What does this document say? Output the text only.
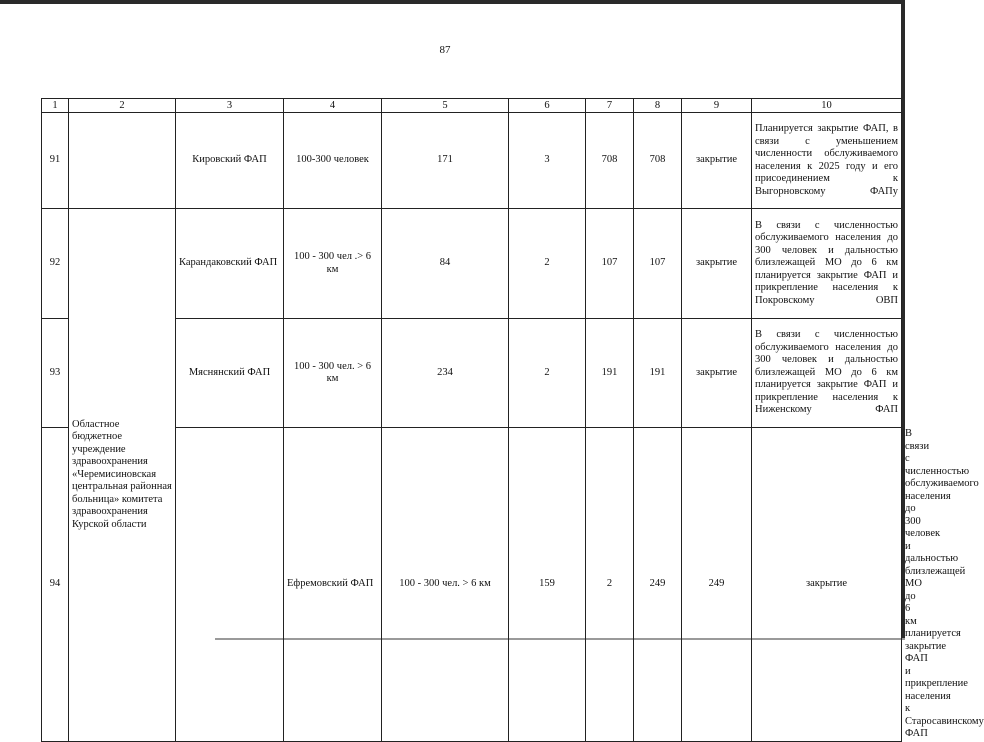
87
1	2	3	4	5	6	7	8	9	10	
91		Кировский ФАП	100-300 человек	171	3	708	708	закрытие	Планируется закрытие ФАП, в связи с уменьшением численности обслуживаемого населения к 2025 году и его присоединением к Выгорновскому ФАПу	
92	Областное бюджетное учреждение здравоохранения «Черемисиновская центральная районная больница» комитета здравоохранения Курской области	Карандаковский ФАП	100 - 300 чел .> 6 км	84	2	107	107	закрытие	В связи с численностью обслуживаемого населения до 300 человек и дальностью близлежащей МО до 6 км планируется закрытие ФАП и прикрепление населения к Покровскому ОВП	
93		Мяснянский ФАП	100 - 300 чел. > 6 км	234	2	191	191	закрытие	В связи с численностью обслуживаемого населения до 300 человек и дальностью близлежащей МО до 6 км планируется закрытие ФАП и прикрепление населения к Ниженскому ФАП	
94			Ефремовский ФАП	100 - 300 чел. > 6 км	159	2	249	249	закрытие	В связи с численностью обслуживаемого населения до 300 человек и дальностью близлежащей МО до 6 км планируется закрытие ФАП и прикрепление населения к Старосавинскому ФАП
